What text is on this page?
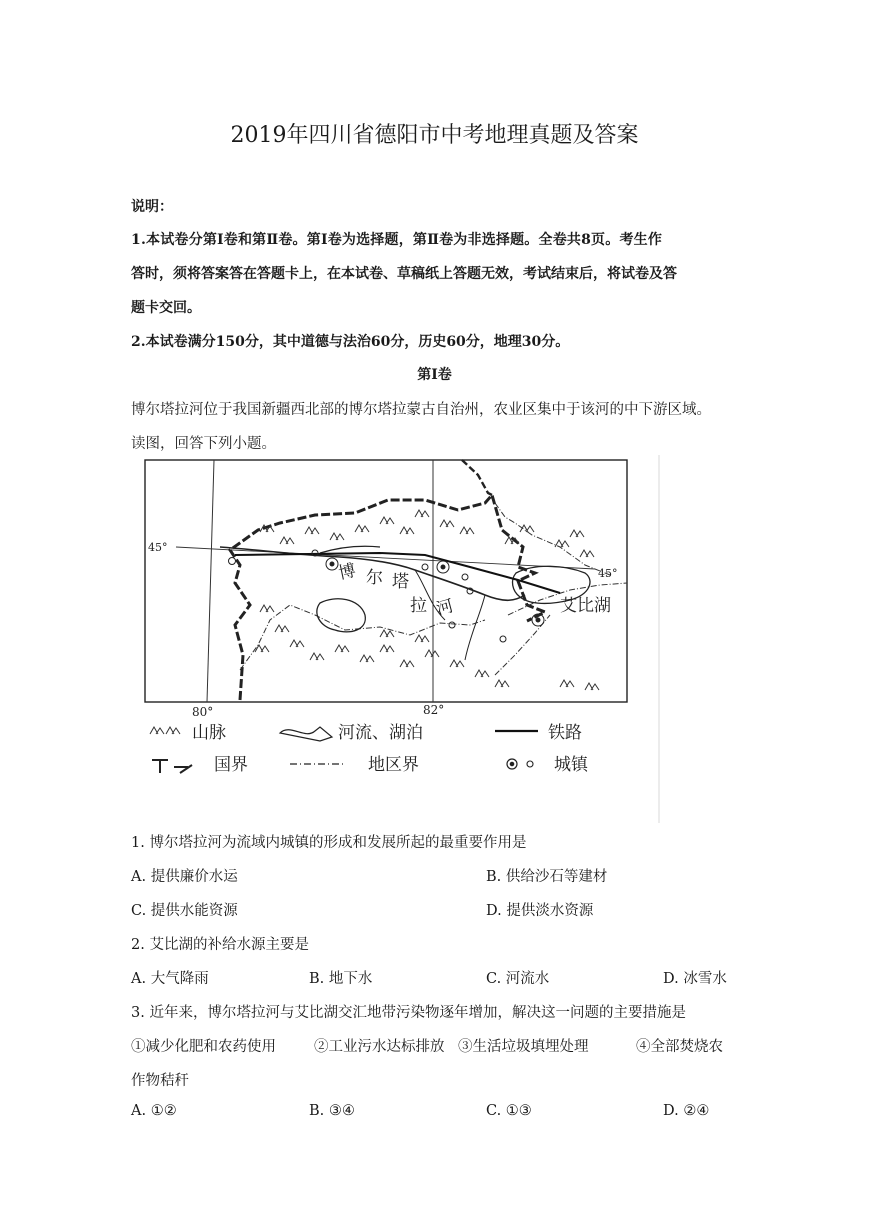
2019年四川省德阳市中考地理真题及答案
说明：
1.本试卷分第Ⅰ卷和第Ⅱ卷。第Ⅰ卷为选择题，第Ⅱ卷为非选择题。全卷共8页。考生作
答时，须将答案答在答题卡上，在本试卷、草稿纸上答题无效，考试结束后，将试卷及答
题卡交回。
2.本试卷满分150分，其中道德与法治60分，历史60分，地理30分。
第Ⅰ卷
博尔塔拉河位于我国新疆西北部的博尔塔拉蒙古自治州，农业区集中于该河的中下游区域。
读图，回答下列小题。
45°
45°
80°	82°
博 尔 塔
拉 河	艾比湖
山脉	河流、湖泊	铁路
国界	地区界	城镇
1. 博尔塔拉河为流域内城镇的形成和发展所起的最重要作用是
A. 提供廉价水运	B. 供给沙石等建材
C. 提供水能资源	D. 提供淡水资源
2. 艾比湖的补给水源主要是
A. 大气降雨	B. 地下水	C. 河流水	D. 冰雪水
3. 近年来，博尔塔拉河与艾比湖交汇地带污染物逐年增加，解决这一问题的主要措施是
①减少化肥和农药使用	②工业污水达标排放 ③生活垃圾填埋处理	④全部焚烧农
作物秸秆
A. ①②	B. ③④	C. ①③	D. ②④
